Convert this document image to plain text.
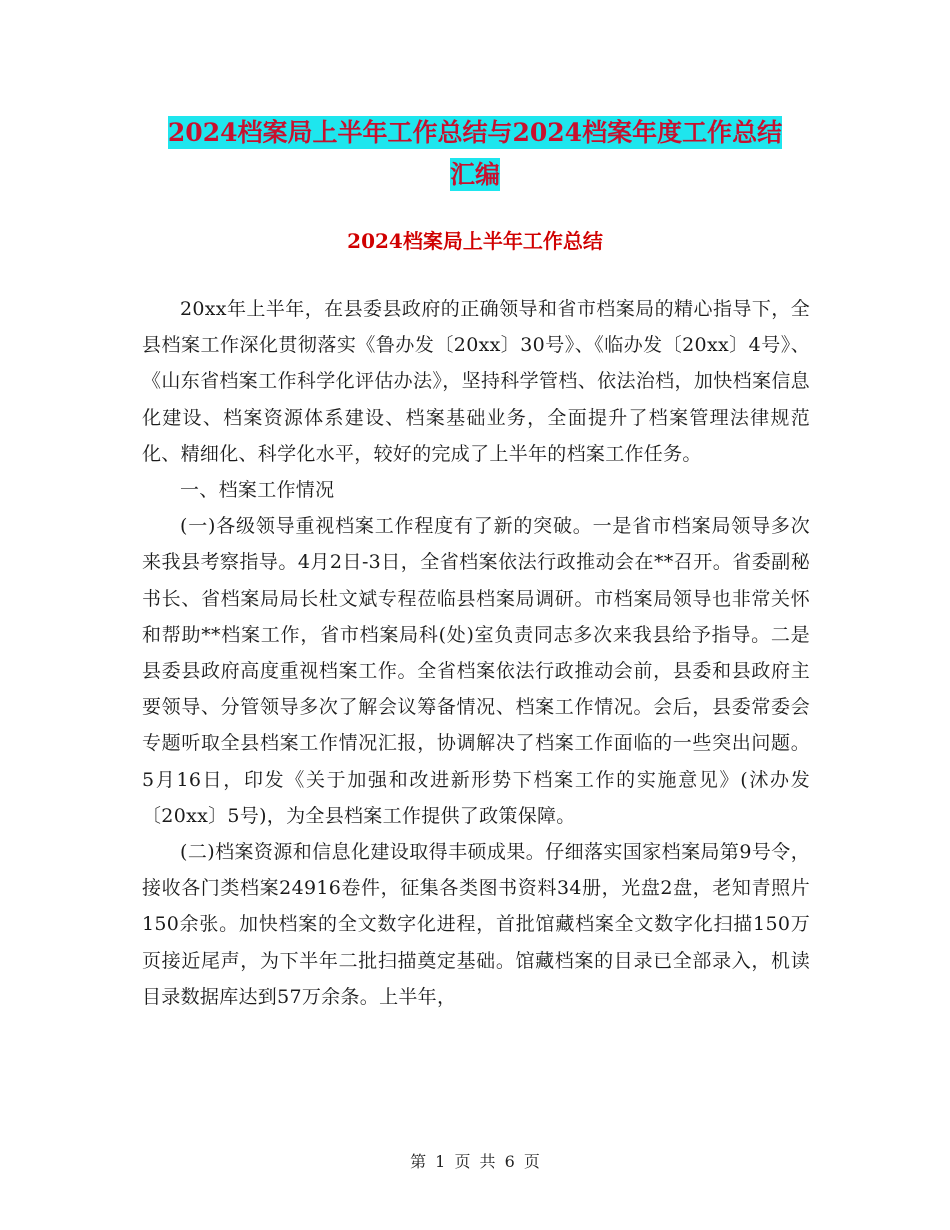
2024档案局上半年工作总结与2024档案年度工作总结
汇编
2024档案局上半年工作总结

20xx年上半年，在县委县政府的正确领导和省市档案局的精心指导下，全县档案工作深化贯彻落实《鲁办发〔20xx〕30号》、《临办发〔20xx〕4号》、《山东省档案工作科学化评估办法》，坚持科学管档、依法治档，加快档案信息化建设、档案资源体系建设、档案基础业务，全面提升了档案管理法律规范化、精细化、科学化水平，较好的完成了上半年的档案工作任务。

一、档案工作情况

(一)各级领导重视档案工作程度有了新的突破。一是省市档案局领导多次来我县考察指导。4月2日-3日，全省档案依法行政推动会在**召开。省委副秘书长、省档案局局长杜文斌专程莅临县档案局调研。市档案局领导也非常关怀和帮助**档案工作，省市档案局科(处)室负责同志多次来我县给予指导。二是县委县政府高度重视档案工作。全省档案依法行政推动会前，县委和县政府主要领导、分管领导多次了解会议筹备情况、档案工作情况。会后，县委常委会专题听取全县档案工作情况汇报，协调解决了档案工作面临的一些突出问题。5月16日，印发《关于加强和改进新形势下档案工作的实施意见》(沭办发〔20xx〕5号)，为全县档案工作提供了政策保障。

(二)档案资源和信息化建设取得丰硕成果。仔细落实国家档案局第9号令，接收各门类档案24916卷件，征集各类图书资料34册，光盘2盘，老知青照片150余张。加快档案的全文数字化进程，首批馆藏档案全文数字化扫描150万页接近尾声，为下半年二批扫描奠定基础。馆藏档案的目录已全部录入，机读目录数据库达到57万余条。上半年，

第 1 页 共 6 页
